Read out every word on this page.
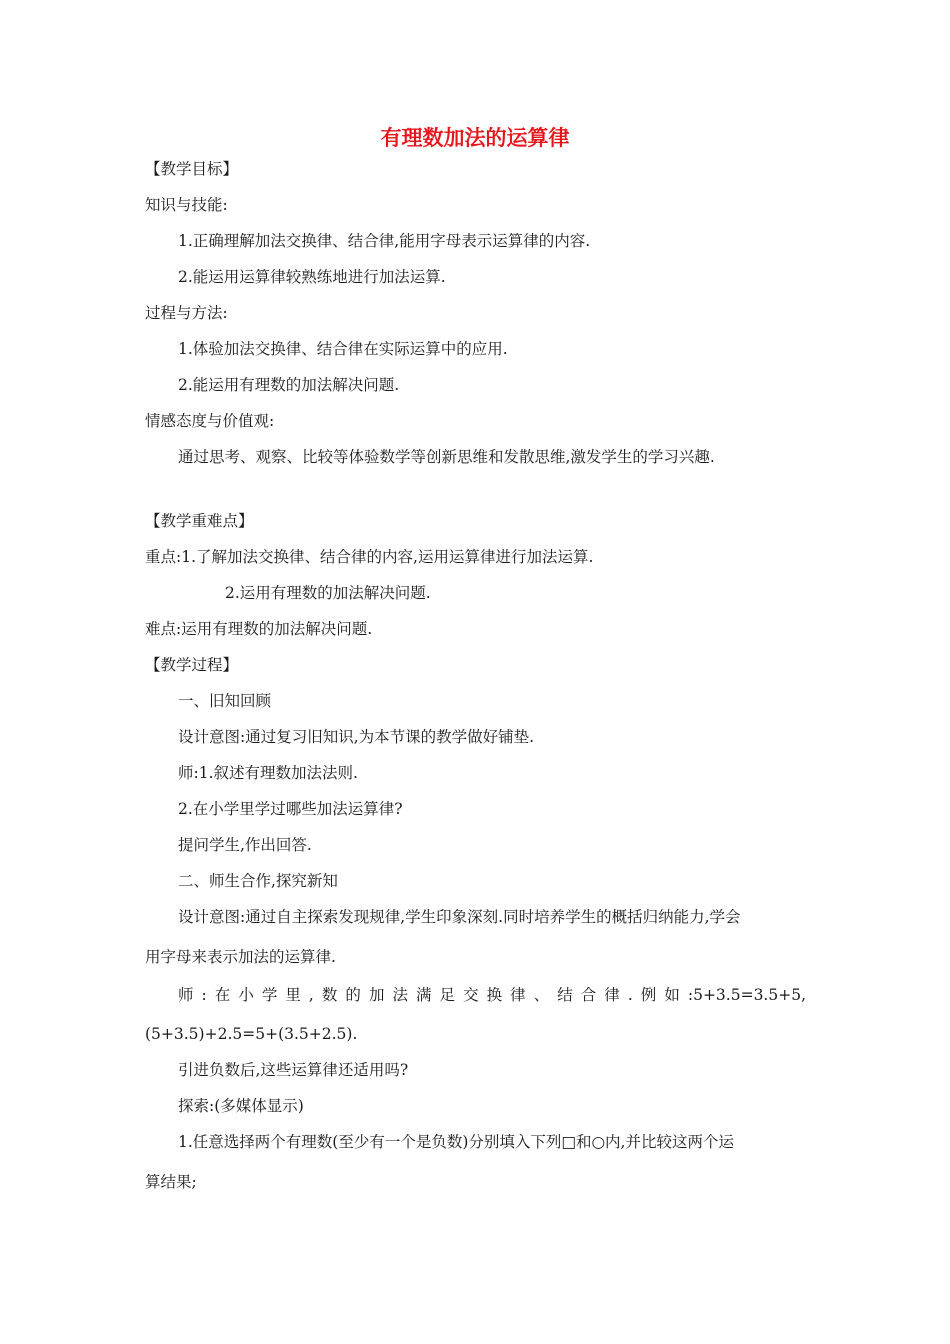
有理数加法的运算律
【教学目标】
知识与技能:
1.正确理解加法交换律、结合律,能用字母表示运算律的内容.
2.能运用运算律较熟练地进行加法运算.
过程与方法:
1.体验加法交换律、结合律在实际运算中的应用.
2.能运用有理数的加法解决问题.
情感态度与价值观:
通过思考、观察、比较等体验数学等创新思维和发散思维,激发学生的学习兴趣.
【教学重难点】
重点:1.了解加法交换律、结合律的内容,运用运算律进行加法运算.
2.运用有理数的加法解决问题.
难点:运用有理数的加法解决问题.
【教学过程】
一、旧知回顾
设计意图:通过复习旧知识,为本节课的教学做好铺垫.
师:1.叙述有理数加法法则.
2.在小学里学过哪些加法运算律?
提问学生,作出回答.
二、师生合作,探究新知
设计意图:通过自主探索发现规律,学生印象深刻.同时培养学生的概括归纳能力,学会
用字母来表示加法的运算律.
师:在小学里,数的加法满足交换律、结合律.例如:5+3.5=3.5+5,
(5+3.5)+2.5=5+(3.5+2.5).
引进负数后,这些运算律还适用吗?
探索:(多媒体显示)
1.任意选择两个有理数(至少有一个是负数)分别填入下列□和○内,并比较这两个运
算结果;
